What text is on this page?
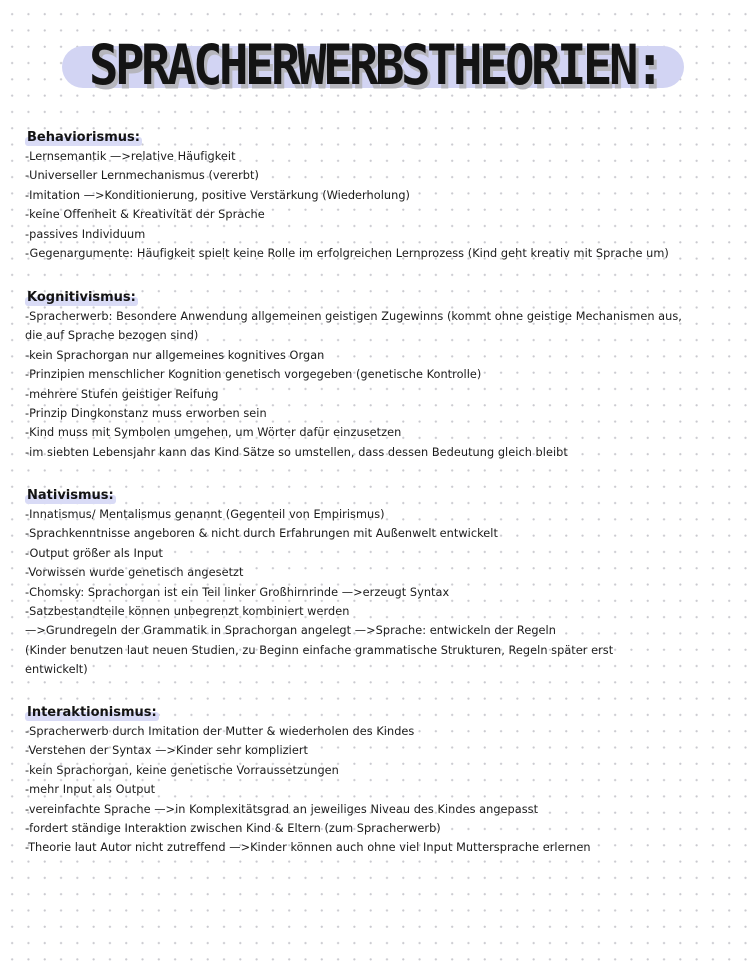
SPRACHERWERBSTHEORIEN:
Behaviorismus:
-Lernsemantik —>relative Häufigkeit
-Universeller Lernmechanismus (vererbt)
-Imitation —>Konditionierung, positive Verstärkung (Wiederholung)
-keine Offenheit & Kreativität der Sprache
-passives Individuum
-Gegenargumente: Häufigkeit spielt keine Rolle im erfolgreichen Lernprozess (Kind geht kreativ mit Sprache um)
Kognitivismus:
-Spracherwerb: Besondere Anwendung allgemeinen geistigen Zugewinns (kommt ohne geistige Mechanismen aus,
die auf Sprache bezogen sind)
-kein Sprachorgan nur allgemeines kognitives Organ
-Prinzipien menschlicher Kognition genetisch vorgegeben (genetische Kontrolle)
-mehrere Stufen geistiger Reifung
-Prinzip Dingkonstanz muss erworben sein
-Kind muss mit Symbolen umgehen, um Wörter dafür einzusetzen
-im siebten Lebensjahr kann das Kind Sätze so umstellen, dass dessen Bedeutung gleich bleibt
Nativismus:
-Innatismus/ Mentalismus genannt (Gegenteil von Empirismus)
-Sprachkenntnisse angeboren & nicht durch Erfahrungen mit Außenwelt entwickelt
-Output größer als Input
-Vorwissen wurde genetisch angesetzt
-Chomsky: Sprachorgan ist ein Teil linker Großhirnrinde —>erzeugt Syntax
-Satzbestandteile können unbegrenzt kombiniert werden
—>Grundregeln der Grammatik in Sprachorgan angelegt —>Sprache: entwickeln der Regeln
(Kinder benutzen laut neuen Studien, zu Beginn einfache grammatische Strukturen, Regeln später erst
entwickelt)
Interaktionismus:
-Spracherwerb durch Imitation der Mutter & wiederholen des Kindes
-Verstehen der Syntax —>Kinder sehr kompliziert
-kein Sprachorgan, keine genetische Vorraussetzungen
-mehr Input als Output
-vereinfachte Sprache —>in Komplexitätsgrad an jeweiliges Niveau des Kindes angepasst
-fordert ständige Interaktion zwischen Kind & Eltern (zum Spracherwerb)
-Theorie laut Autor nicht zutreffend —>Kinder können auch ohne viel Input Muttersprache erlernen
